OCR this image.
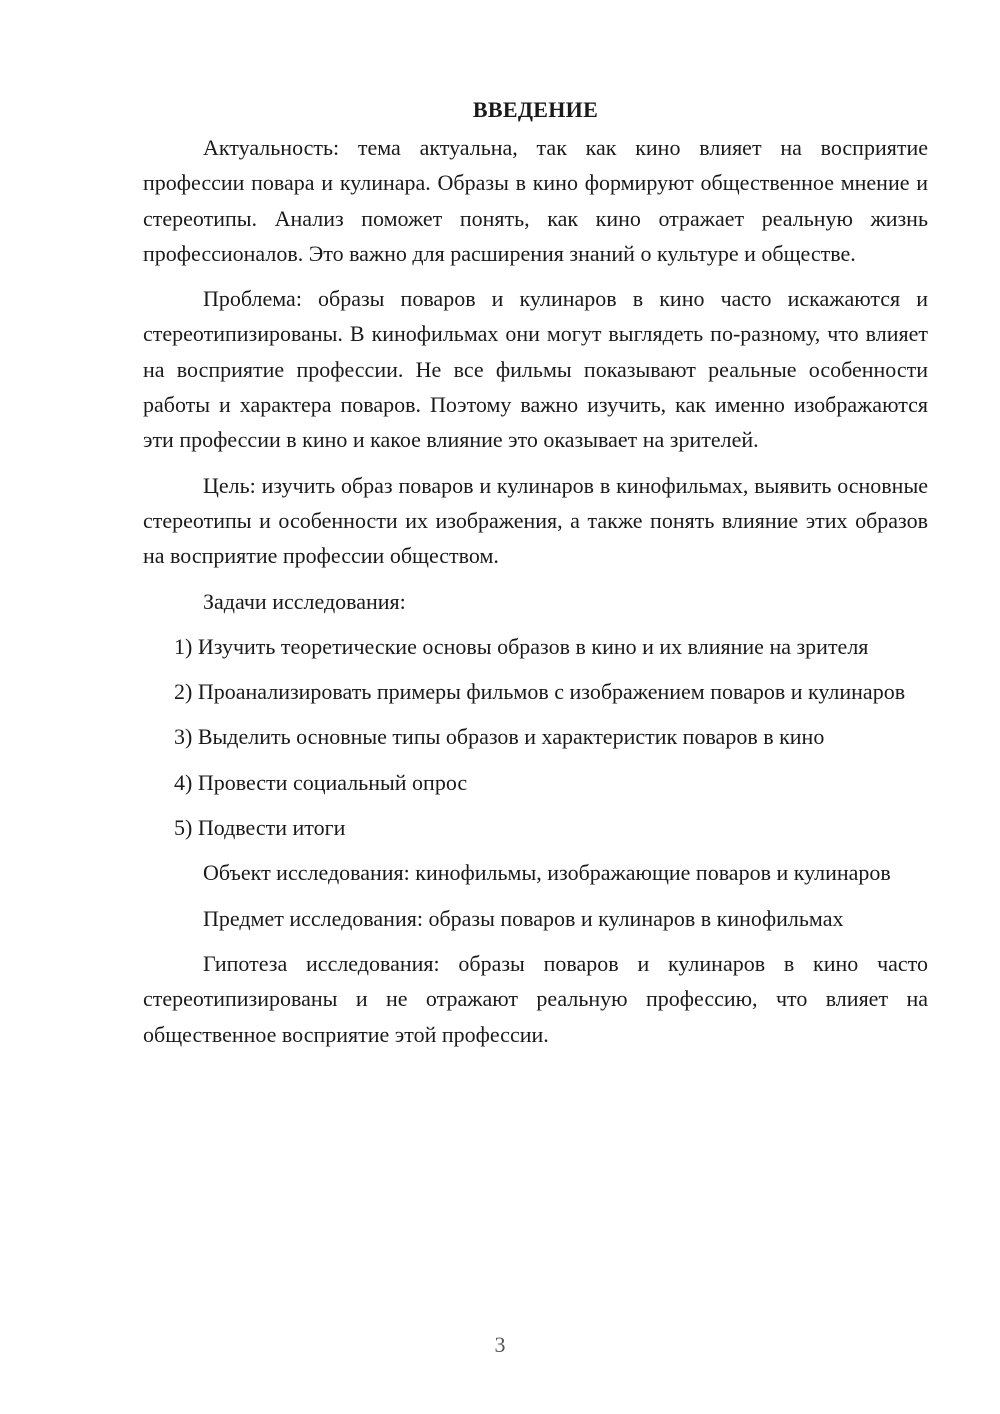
ВВЕДЕНИЕ

Актуальность: тема актуальна, так как кино влияет на восприятие профессии повара и кулинара. Образы в кино формируют общественное мнение и стереотипы. Анализ поможет понять, как кино отражает реальную жизнь профессионалов. Это важно для расширения знаний о культуре и обществе.

Проблема: образы поваров и кулинаров в кино часто искажаются и стереотипизированы. В кинофильмах они могут выглядеть по-разному, что влияет на восприятие профессии. Не все фильмы показывают реальные особенности работы и характера поваров. Поэтому важно изучить, как именно изображаются эти профессии в кино и какое влияние это оказывает на зрителей.

Цель: изучить образ поваров и кулинаров в кинофильмах, выявить основные стереотипы и особенности их изображения, а также понять влияние этих образов на восприятие профессии обществом.

Задачи исследования:

1) Изучить теоретические основы образов в кино и их влияние на зрителя

2) Проанализировать примеры фильмов с изображением поваров и кулинаров

3) Выделить основные типы образов и характеристик поваров в кино

4) Провести социальный опрос

5) Подвести итоги

Объект исследования: кинофильмы, изображающие поваров и кулинаров

Предмет исследования: образы поваров и кулинаров в кинофильмах

Гипотеза исследования: образы поваров и кулинаров в кино часто стереотипизированы и не отражают реальную профессию, что влияет на общественное восприятие этой профессии.

3
